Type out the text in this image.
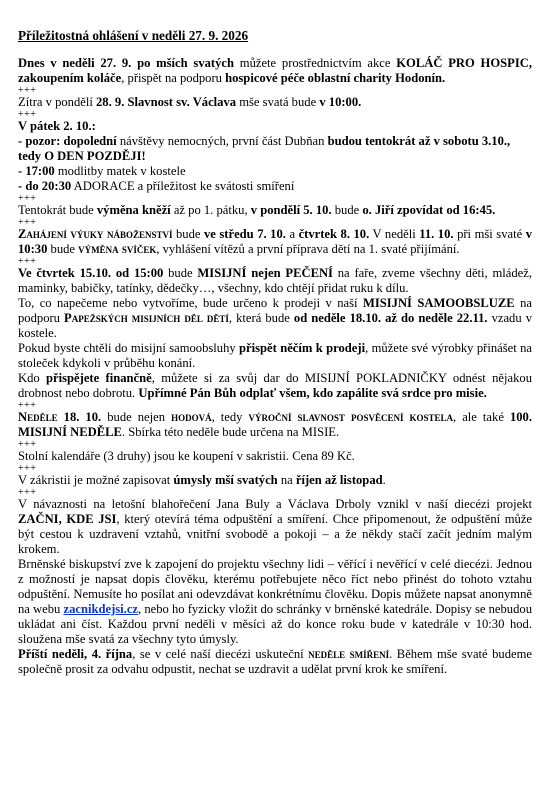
Příležitostná ohlášení v neděli 27. 9. 2026

Dnes v neděli 27. 9. po mších svatých můžete prostřednictvím akce KOLÁČ PRO HOSPIC, zakoupením koláče, přispět na podporu hospicové péče oblastní charity Hodonín.

+++

Zítra v pondělí 28. 9. Slavnost sv. Václava mše svatá bude v 10:00.

+++

V pátek 2. 10.:

- pozor: dopolední návštěvy nemocných, první část Dubňan budou tentokrát až v sobotu 3.10., tedy O DEN POZDĚJI!

- 17:00 modlitby matek v kostele

- do 20:30 ADORACE a příležitost ke svátosti smíření

+++

Tentokrát bude výměna kněží až po 1. pátku, v pondělí 5. 10. bude o. Jiří zpovídat od 16:45.

+++

Zahájení výuky náboženství bude ve středu 7. 10. a čtvrtek 8. 10. V neděli 11. 10. při mši svaté v 10:30 bude výměna svíček, vyhlášení vítězů a první příprava dětí na 1. svaté přijímání.

+++

Ve čtvrtek 15.10. od 15:00 bude MISIJNÍ nejen PEČENÍ na faře, zveme všechny děti, mládež, maminky, babičky, tatínky, dědečky…, všechny, kdo chtějí přidat ruku k dílu.

To, co napečeme nebo vytvoříme, bude určeno k prodeji v naší MISIJNÍ SAMOOBSLUZE na podporu Papežských misijních děl dětí, která bude od neděle 18.10. až do neděle 22.11. vzadu v kostele.

Pokud byste chtěli do misijní samoobsluhy přispět něčím k prodeji, můžete své výrobky přinášet na stoleček kdykoli v průběhu konání.

Kdo přispějete finančně, můžete si za svůj dar do MISIJNÍ POKLADNIČKY odnést nějakou drobnost nebo dobrotu. Upřímné Pán Bůh odplať všem, kdo zapálite svá srdce pro misie.

+++

Neděle 18. 10. bude nejen hodová, tedy výroční slavnost posvěcení kostela, ale také 100. MISIJNÍ NEDĚLE. Sbírka této neděle bude určena na MISIE.

+++

Stolní kalendáře (3 druhy) jsou ke koupení v sakristii. Cena 89 Kč.

+++

V zákristii je možné zapisovat úmysly mší svatých na říjen až listopad.

+++

V návaznosti na letošní blahořečení Jana Buly a Václava Drboly vznikl v naší diecézi projekt ZAČNI, KDE JSI, který otevírá téma odpuštění a smíření. Chce připomenout, že odpuštění může být cestou k uzdravení vztahů, vnitřní svobodě a pokoji – a že někdy stačí začít jedním malým krokem.

Brněnské biskupství zve k zapojení do projektu všechny lidi – věřící i nevěřící v celé diecézi. Jednou z možností je napsat dopis člověku, kterému potřebujete něco říct nebo přinést do tohoto vztahu odpuštění. Nemusíte ho posílat ani odevzdávat konkrétnímu člověku. Dopis můžete napsat anonymně na webu zacnikdejsi.cz, nebo ho fyzicky vložit do schránky v brněnské katedrále. Dopisy se nebudou ukládat ani číst. Každou první neděli v měsíci až do konce roku bude v katedrále v 10:30 hod. sloužena mše svatá za všechny tyto úmysly.

Příští neděli, 4. října, se v celé naší diecézi uskuteční neděle smíření. Během mše svaté budeme společně prosit za odvahu odpustit, nechat se uzdravit a udělat první krok ke smíření.
